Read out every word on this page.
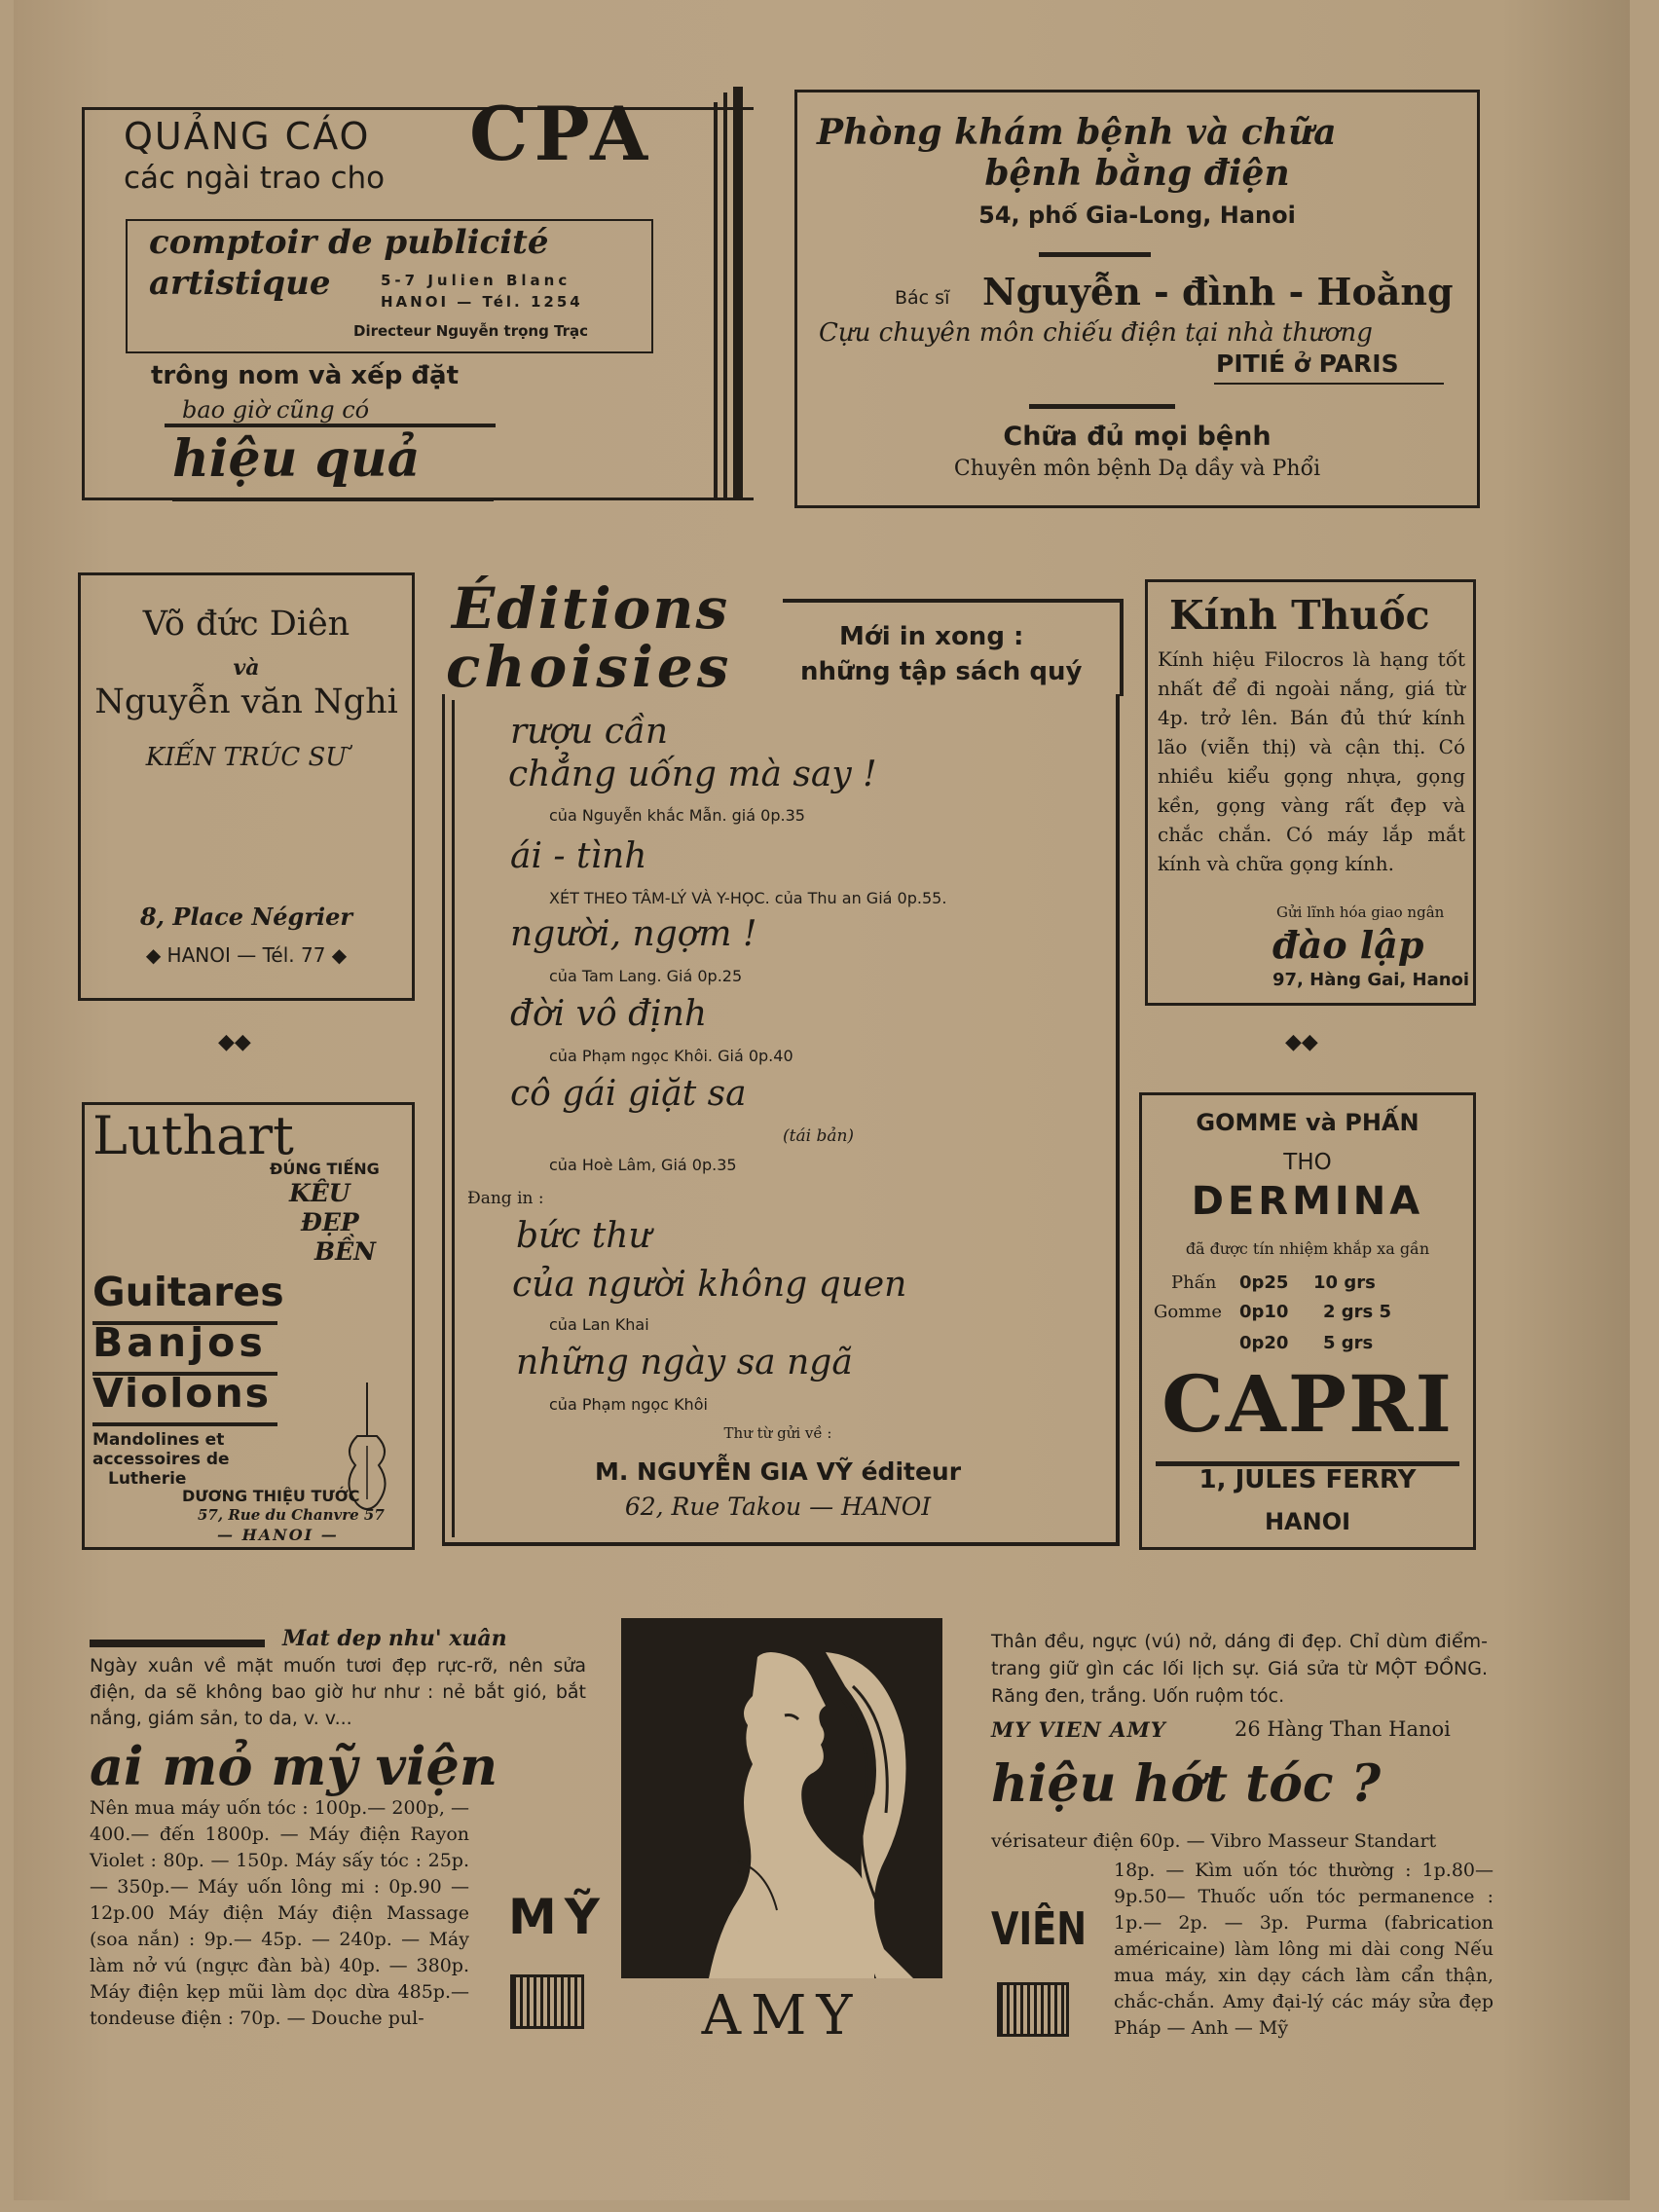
QUẢNG CÁO CPA
các ngài trao cho
comptoir de publicité
artistique	5-7 Julien Blanc
HANOI — Tél. 1254
Directeur Nguyễn trọng Trạc
trông nom và xếp đặt
bao giờ cũng có
hiệu quả
Phòng khám bệnh và chữa
bệnh bằng điện
54, phố Gia-Long, Hanoi
Bác sĩ Nguyễn - đình - Hoằng
Cựu chuyên môn chiếu điện tại nhà thương
PITIÉ ở PARIS
Chữa đủ mọi bệnh
Chuyên môn bệnh Dạ dầy và Phổi
Võ đức Diên
và
Nguyễn văn Nghi
KIẾN TRÚC SƯ
8, Place Négrier
◆ HANOI — Tél. 77 ◆
Éditions
choisies	Mới in xong :
những tập sách quý
rượu cần
chẳng uống mà say !
của Nguyễn khắc Mẫn. giá 0p.35
ái - tình
XÉT THEO TÂM-LÝ VÀ Y-HỌC. của Thu an Giá 0p.55.
người, ngợm !
của Tam Lang. Giá 0p.25
đời vô định
của Phạm ngọc Khôi. Giá 0p.40
cô gái giặt sa
(tái bản)
của Hoè Lâm, Giá 0p.35
Đang in :
bức thư
của người không quen
của Lan Khai
những ngày sa ngã
của Phạm ngọc Khôi
Thư từ gửi về :
M. NGUYỄN GIA VỸ éditeur
62, Rue Takou — HANOI
Kính Thuốc
Kính hiệu Filocros là hạng tốt nhất để đi ngoài nắng, giá từ 4p. trở lên. Bán đủ thứ kính lão (viễn thị) và cận thị. Có nhiều kiểu gọng nhựa, gọng kền, gọng vàng rất đẹp và chắc chắn. Có máy lắp mắt kính và chữa gọng kính.
Gửi lĩnh hóa giao ngân
đào lập
97, Hàng Gai, Hanoi
◆◆	◆◆
Luthart
ĐÚNG TIẾNG
KÊU
ĐẸP
BỀN
Guitares
Banjos
Violons
Mandolines et
accessoires de
Lutherie
DƯƠNG THIỆU TƯỚC
57, Rue du Chanvre 57
— HANOI —
GOMME và PHẤN
THO
DERMINA
đã được tín nhiệm khắp xa gần
Phấn 0p25 10 grs
Gomme 0p10 2 grs 5
0p20 5 grs
CAPRI
1, JULES FERRY
HANOI
Mat dep nhu' xuân
Ngày xuân về mặt muốn tươi đẹp rực-rỡ, nên sửa điện, da sẽ không bao giờ hư như : nẻ bắt gió, bắt nắng, giám sản, to da, v. v...
ai mỏ mỹ viện
Nên mua máy uốn tóc : 100p.— 200p, — 400.— đến 1800p. — Máy điện Rayon Violet : 80p. — 150p. Máy sấy tóc : 25p. — 350p.— Máy uốn lông mi : 0p.90 — 12p.00 Máy điện Máy điện Massage (soa nắn) : 9p.— 45p. — 240p. — Máy làm nở vú (ngực đàn bà) 40p. — 380p. Máy điện kẹp mũi làm dọc dừa 485p.— tondeuse điện : 70p. — Douche pul-
MỸ
AMY
Thân đều, ngực (vú) nở, dáng đi đẹp. Chỉ dùm điểm-trang giữ gìn các lối lịch sự. Giá sửa từ MỘT ĐỒNG. Răng đen, trắng. Uốn ruộm tóc.
MY VIEN AMY	26 Hàng Than Hanoi
hiệu hớt tóc ?
vérisateur điện 60p. — Vibro Masseur Standart
VIÊN
18p. — Kìm uốn tóc thường : 1p.80— 9p.50— Thuốc uốn tóc permanence : 1p.— 2p. — 3p. Purma (fabrication américaine) làm lông mi dài cong Nếu mua máy, xin dạy cách làm cẩn thận, chắc-chắn. Amy đại-lý các máy sửa đẹp Pháp — Anh — Mỹ
